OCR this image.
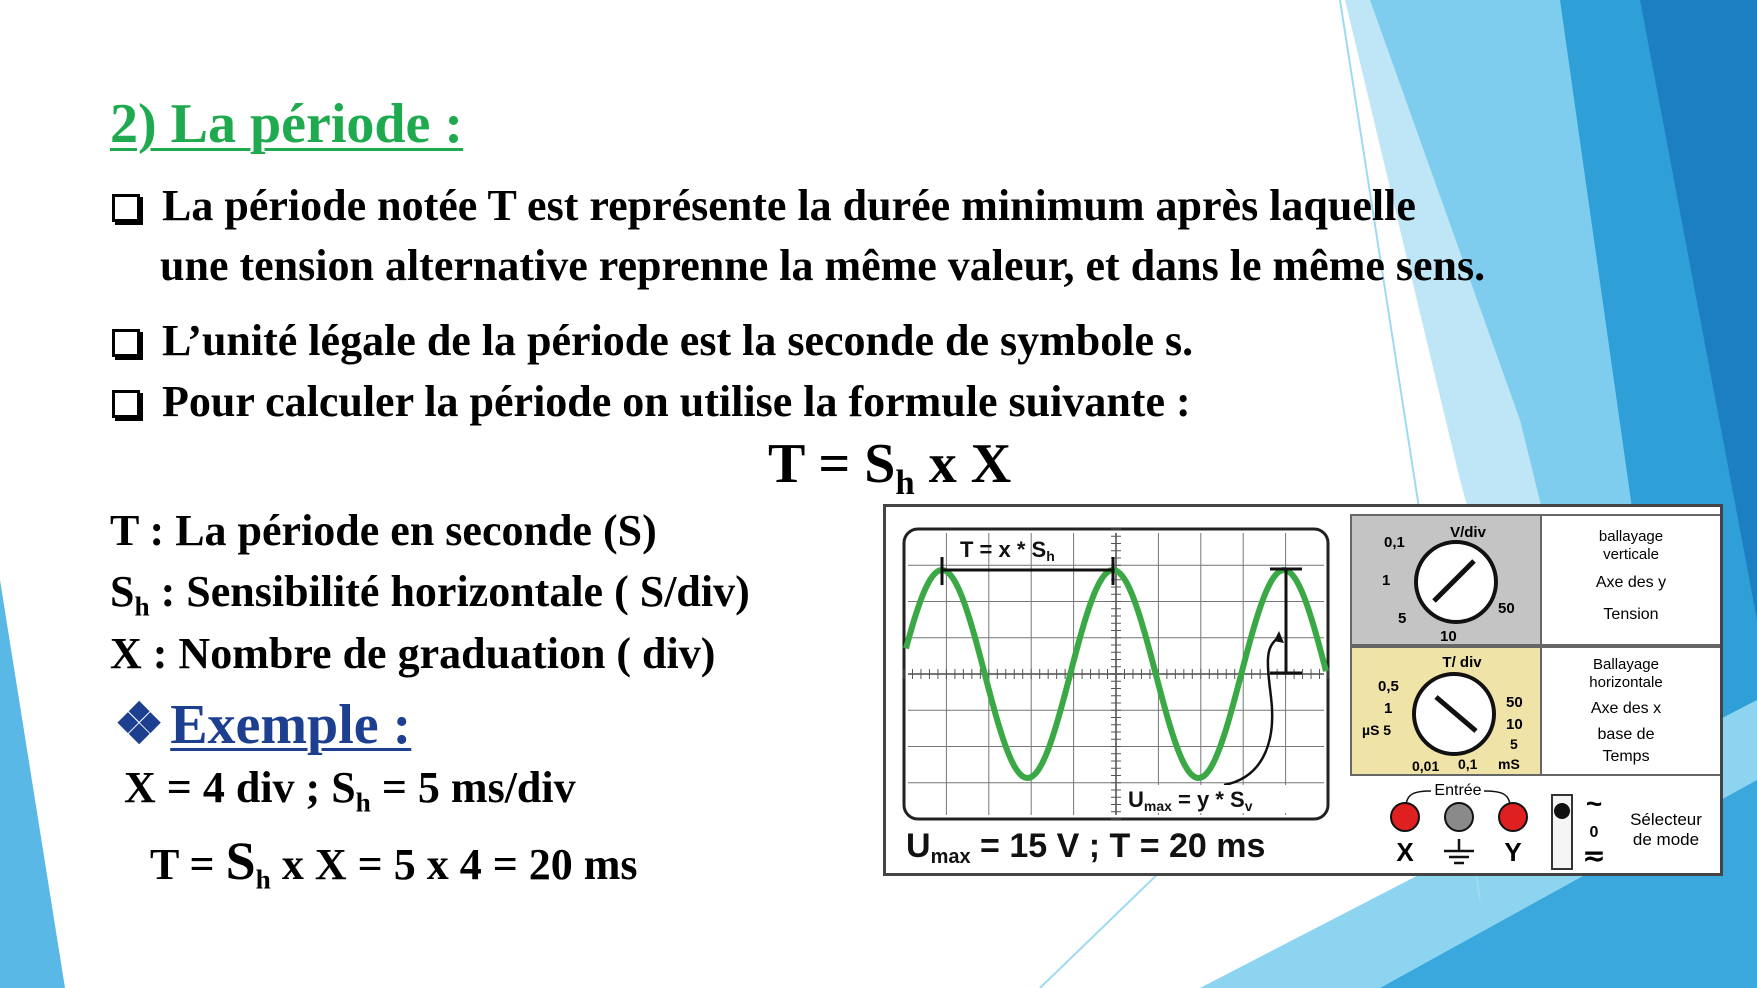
2) La période :
La période notée T est représente la durée minimum après laquelle
une tension alternative reprenne la même valeur, et dans le même sens.
L’unité légale de la période est la seconde de symbole s.
Pour calculer la période on utilise la formule suivante :
$T = S_h$ x X
T : La période en seconde (S)
$S_h$ : Sensibilité horizontale ( S/div)
X : Nombre de graduation ( div)
❖ Exemple :
X = 4 div ; $S_h = 5$ ms/div
$T = S_h$ x X = 5 x 4 = 20 ms
T = x * Sh
Umax = y * Sv
Umax = 15 V ; T = 20 ms
V/div
0,1
1
5
10
50
ballayage
verticale
Axe des y
Tension
T/ div
0,5
1
µS 5
0,01 0,1
50
10
5
mS
Ballayage
horizontale
Axe des x
base de
Temps
Entrée
X	Y
~
0
≂
Sélecteur
de mode
